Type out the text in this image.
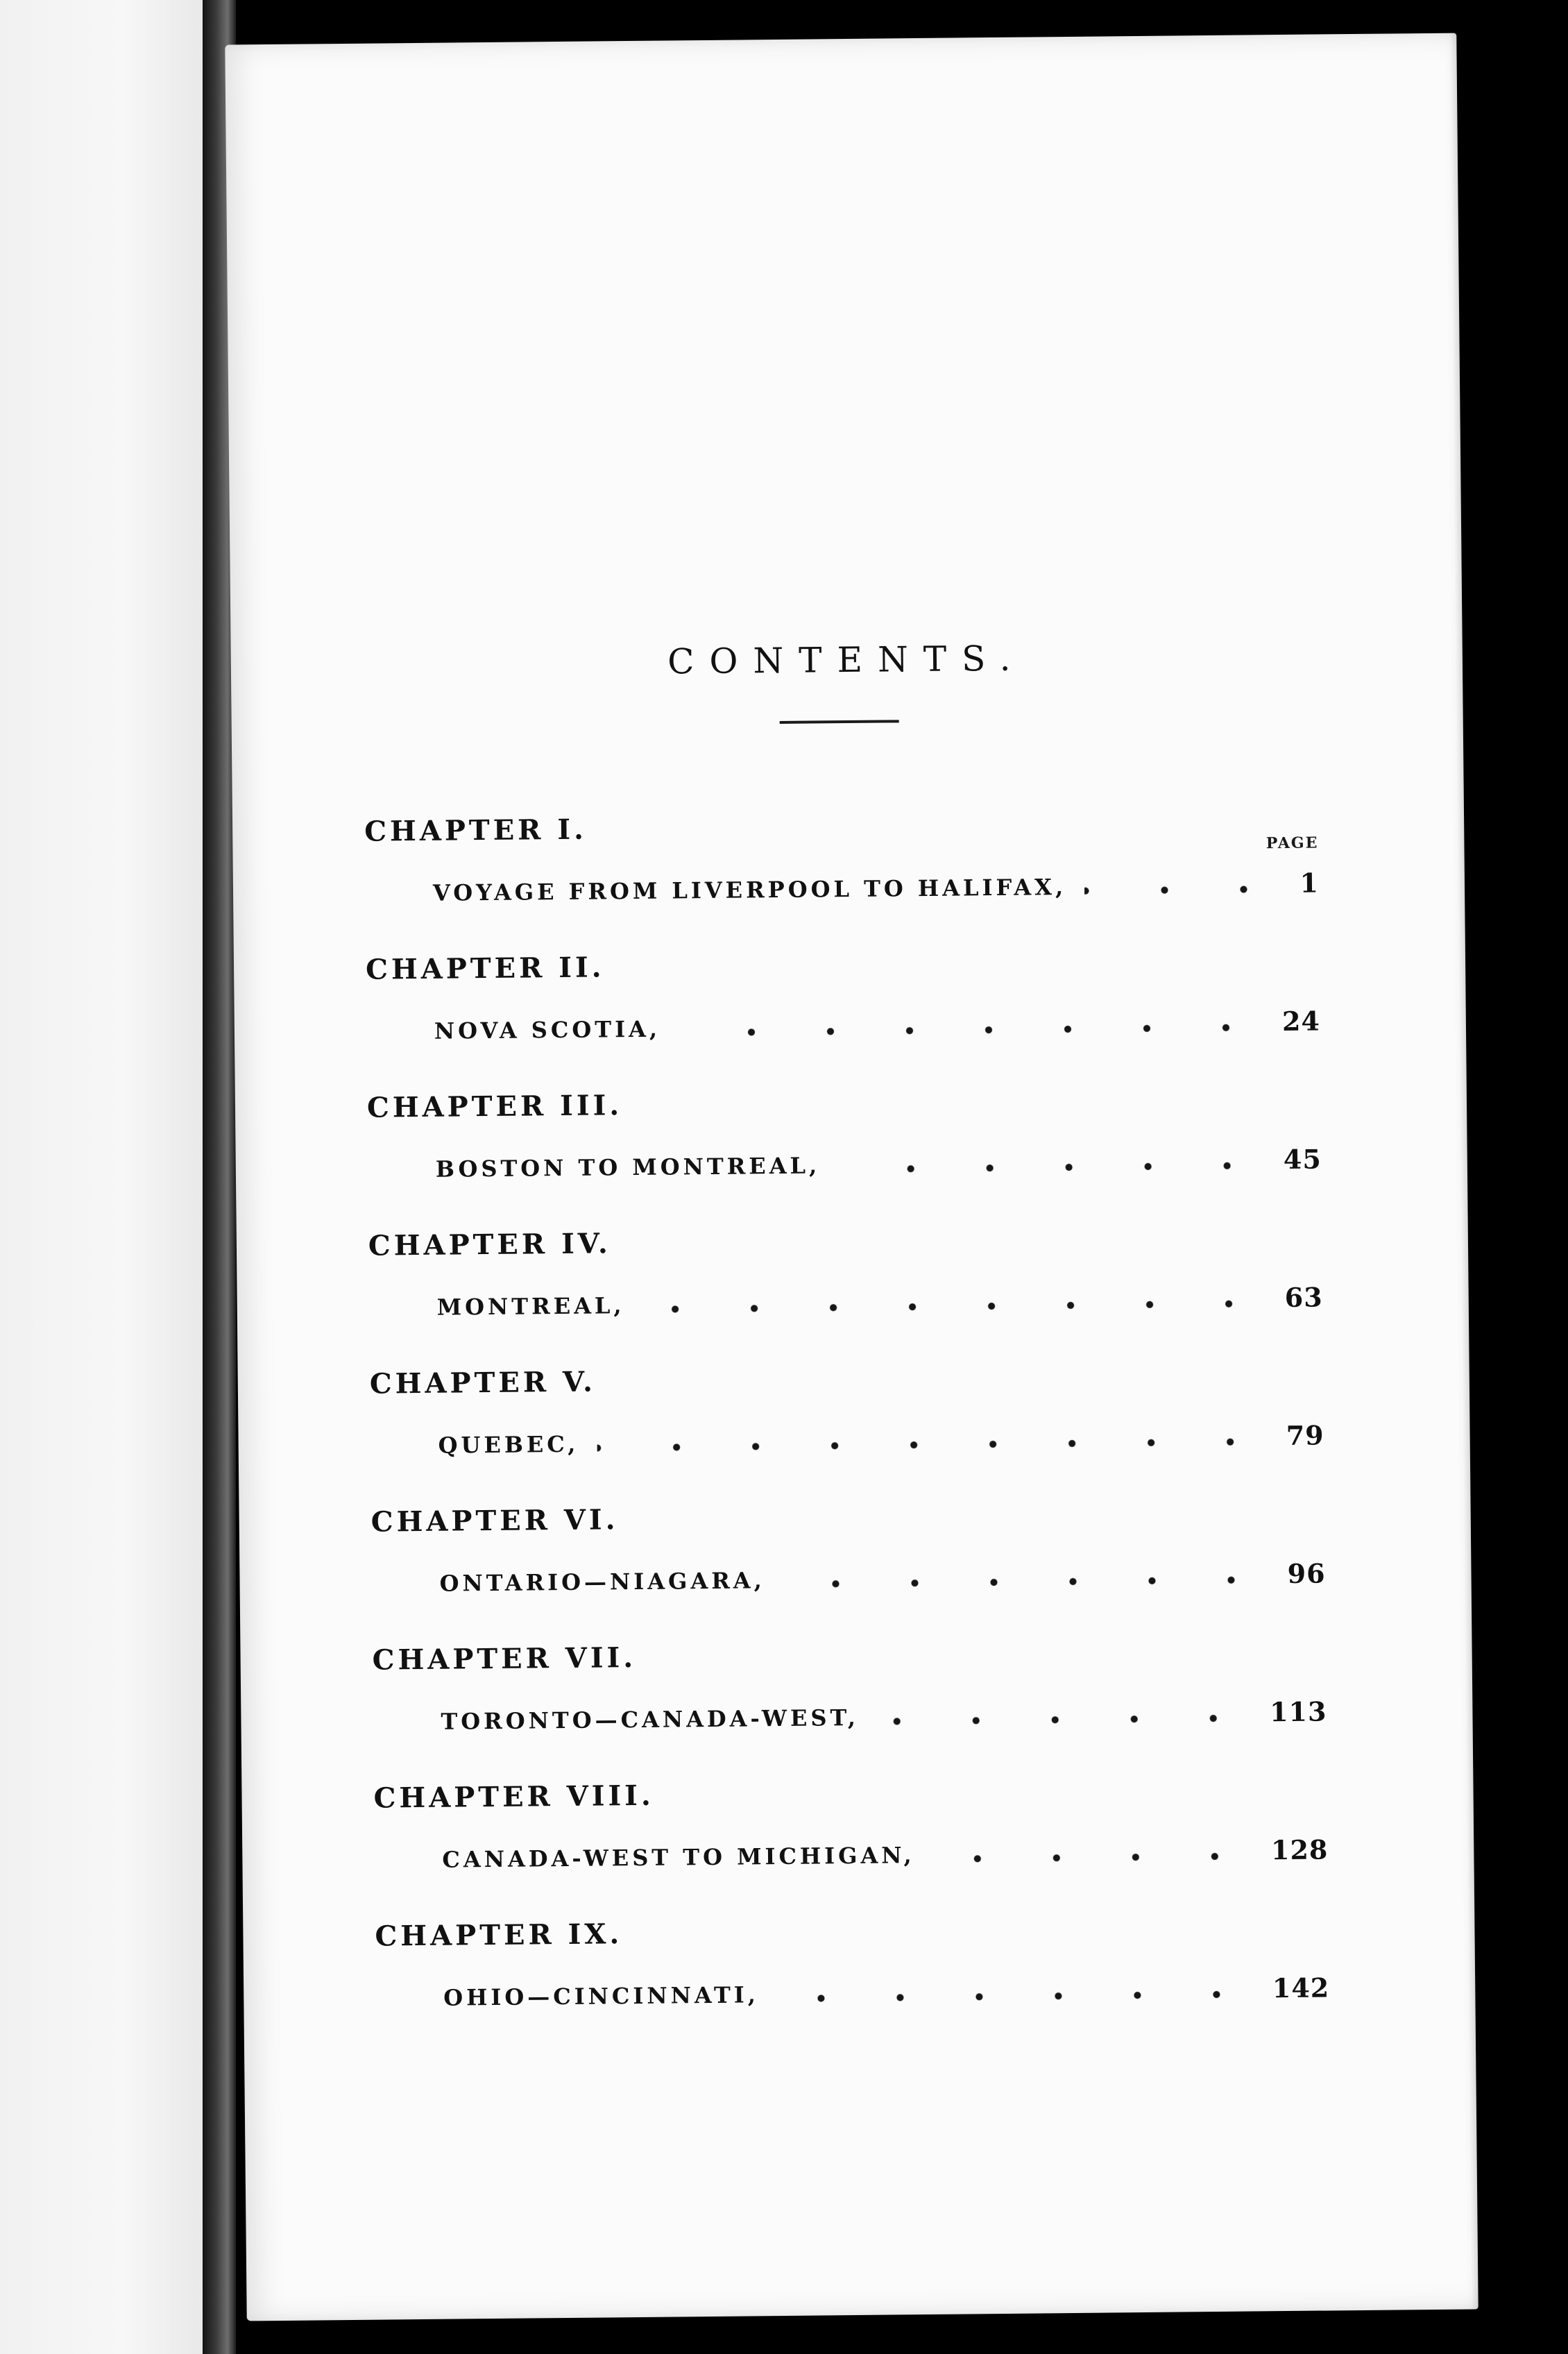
CONTENTS.
PAGE
CHAPTER I.
VOYAGE FROM LIVERPOOL TO HALIFAX,	1
CHAPTER II.
NOVA SCOTIA,	24
CHAPTER III.
BOSTON TO MONTREAL,	45
CHAPTER IV.
MONTREAL,	63
CHAPTER V.
QUEBEC,	79
CHAPTER VI.
ONTARIO—NIAGARA,	96
CHAPTER VII.
TORONTO—CANADA-WEST,	113
CHAPTER VIII.
CANADA-WEST TO MICHIGAN,	128
CHAPTER IX.
OHIO—CINCINNATI,	142
